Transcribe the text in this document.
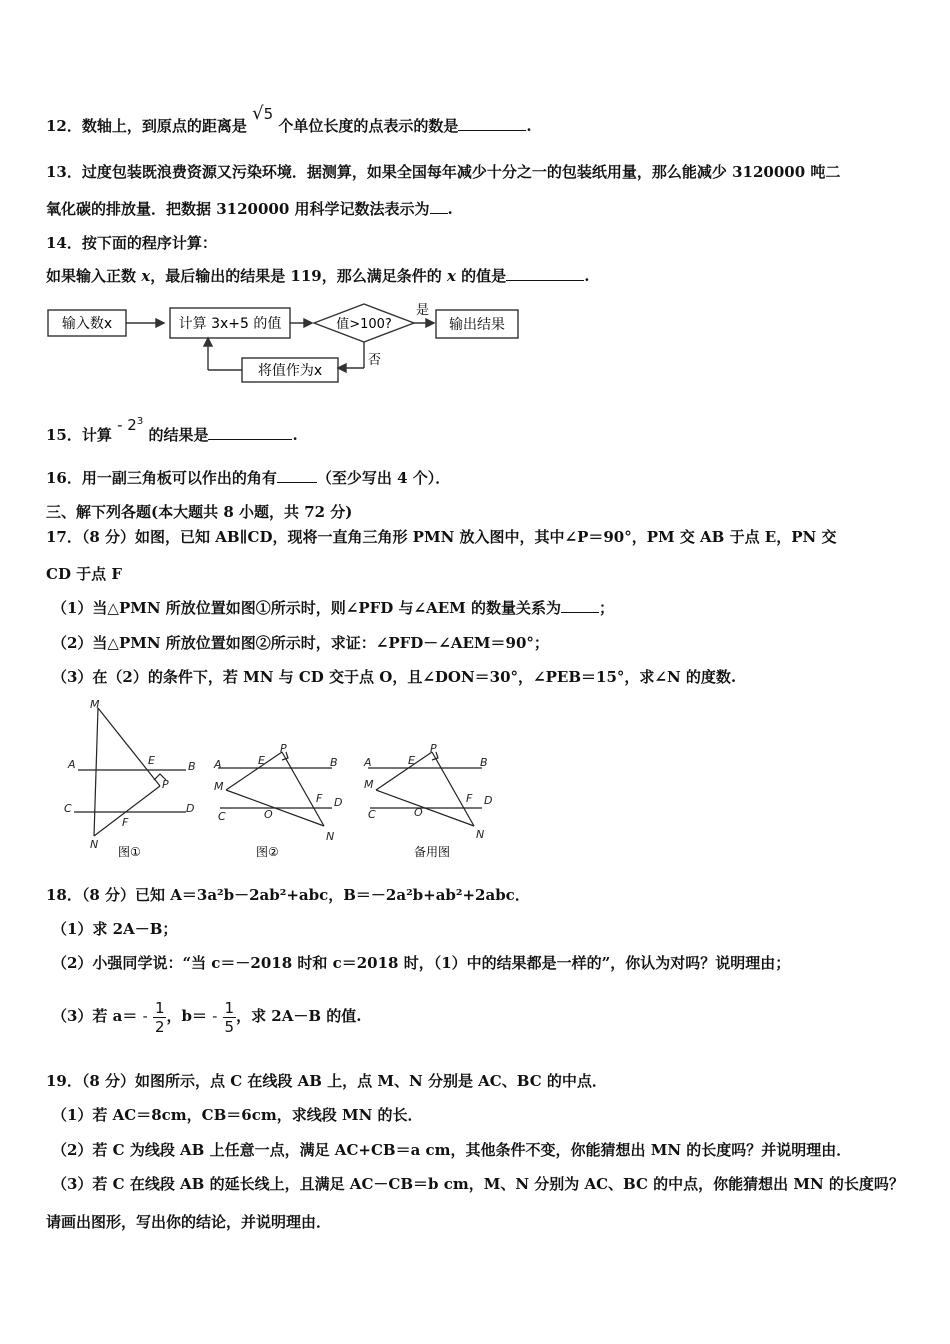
12．数轴上，到原点的距离是 √5 个单位长度的点表示的数是	.
13．过度包装既浪费资源又污染环境．据测算，如果全国每年减少十分之一的包装纸用量，那么能减少 3120000 吨二
氧化碳的排放量．把数据 3120000 用科学记数法表示为 .
14．按下面的程序计算：
如果输入正数 x，最后输出的结果是 119，那么满足条件的 x 的值是	.
输入数x	计算 3x+5 的值	值>100?	输出结果
是
否
将值作为x
15．计算 - $2^3$ 的结果是	.
16．用一副三角板可以作出的角有	（至少写出 4 个）．
三、解下列各题(本大题共 8 小题，共 72 分)
17．（8 分）如图，已知 AB∥CD，现将一直角三角形 PMN 放入图中，其中∠P＝90°，PM 交 AB 于点 E，PN 交
CD 于点 F
（1）当△PMN 所放位置如图①所示时，则∠PFD 与∠AEM 的数量关系为	；
（2）当△PMN 所放位置如图②所示时，求证：∠PFD－∠AEM＝90°；
（3）在（2）的条件下，若 MN 与 CD 交于点 O，且∠DON＝30°，∠PEB＝15°，求∠N 的度数.
M
A	E	B
P
C	D
F
N
A	E
P
B
M
F D
C	O
N
A	E
P
B
M
F D
C	O
N
图①	图②	备用图
18．（8 分）已知 A＝3a²b－2ab²+abc，B＝－2a²b+ab²+2abc．
（1）求 2A－B；
（2）小强同学说：“当 c＝－2018 时和 c＝2018 时，（1）中的结果都是一样的”，你认为对吗？说明理由；
（3）若 $a= - \frac{1}{2}$ ，$b= - \frac{1}{5}$ ，求 2A－B 的值.
19．（8 分）如图所示，点 C 在线段 AB 上，点 M、N 分别是 AC、BC 的中点．
（1）若 AC＝8cm，CB＝6cm，求线段 MN 的长．
（2）若 C 为线段 AB 上任意一点，满足 AC+CB＝a cm，其他条件不变，你能猜想出 MN 的长度吗？并说明理由．
（3）若 C 在线段 AB 的延长线上，且满足 AC－CB＝b cm，M、N 分别为 AC、BC 的中点，你能猜想出 MN 的长度吗？
请画出图形，写出你的结论，并说明理由．
